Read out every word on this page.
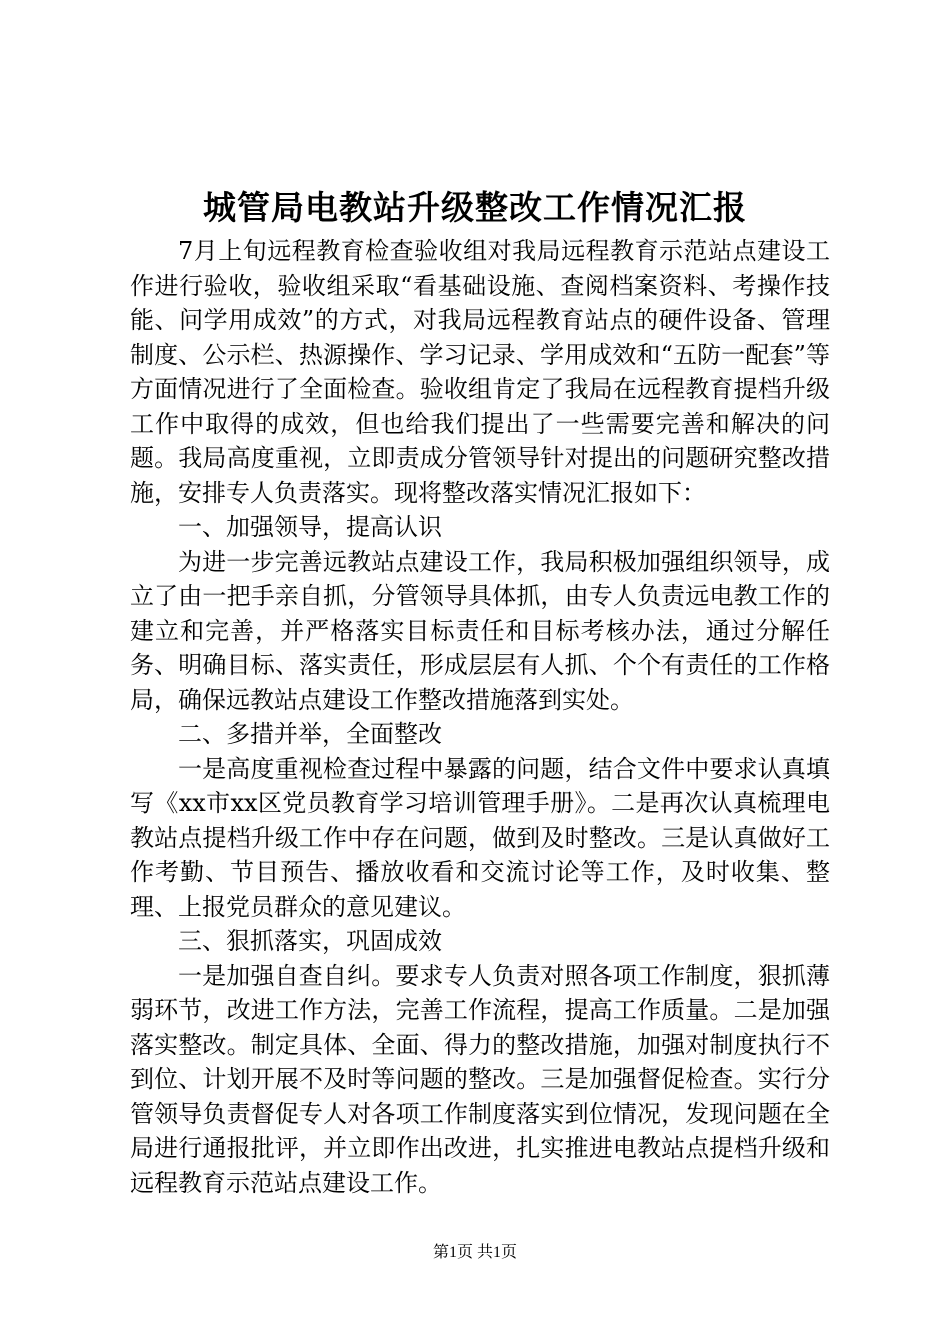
城管局电教站升级整改工作情况汇报

7月上旬远程教育检查验收组对我局远程教育示范站点建设工作进行验收，验收组采取“看基础设施、查阅档案资料、考操作技能、问学用成效”的方式，对我局远程教育站点的硬件设备、管理制度、公示栏、热源操作、学习记录、学用成效和“五防一配套”等方面情况进行了全面检查。验收组肯定了我局在远程教育提档升级工作中取得的成效，但也给我们提出了一些需要完善和解决的问题。我局高度重视，立即责成分管领导针对提出的问题研究整改措施，安排专人负责落实。现将整改落实情况汇报如下：

一、加强领导，提高认识

为进一步完善远教站点建设工作，我局积极加强组织领导，成立了由一把手亲自抓，分管领导具体抓，由专人负责远电教工作的建立和完善，并严格落实目标责任和目标考核办法，通过分解任务、明确目标、落实责任，形成层层有人抓、个个有责任的工作格局，确保远教站点建设工作整改措施落到实处。

二、多措并举，全面整改

一是高度重视检查过程中暴露的问题，结合文件中要求认真填写《xx市xx区党员教育学习培训管理手册》。二是再次认真梳理电教站点提档升级工作中存在问题，做到及时整改。三是认真做好工作考勤、节目预告、播放收看和交流讨论等工作，及时收集、整理、上报党员群众的意见建议。

三、狠抓落实，巩固成效

一是加强自查自纠。要求专人负责对照各项工作制度，狠抓薄弱环节，改进工作方法，完善工作流程，提高工作质量。二是加强落实整改。制定具体、全面、得力的整改措施，加强对制度执行不到位、计划开展不及时等问题的整改。三是加强督促检查。实行分管领导负责督促专人对各项工作制度落实到位情况，发现问题在全局进行通报批评，并立即作出改进，扎实推进电教站点提档升级和远程教育示范站点建设工作。

第1页 共1页
